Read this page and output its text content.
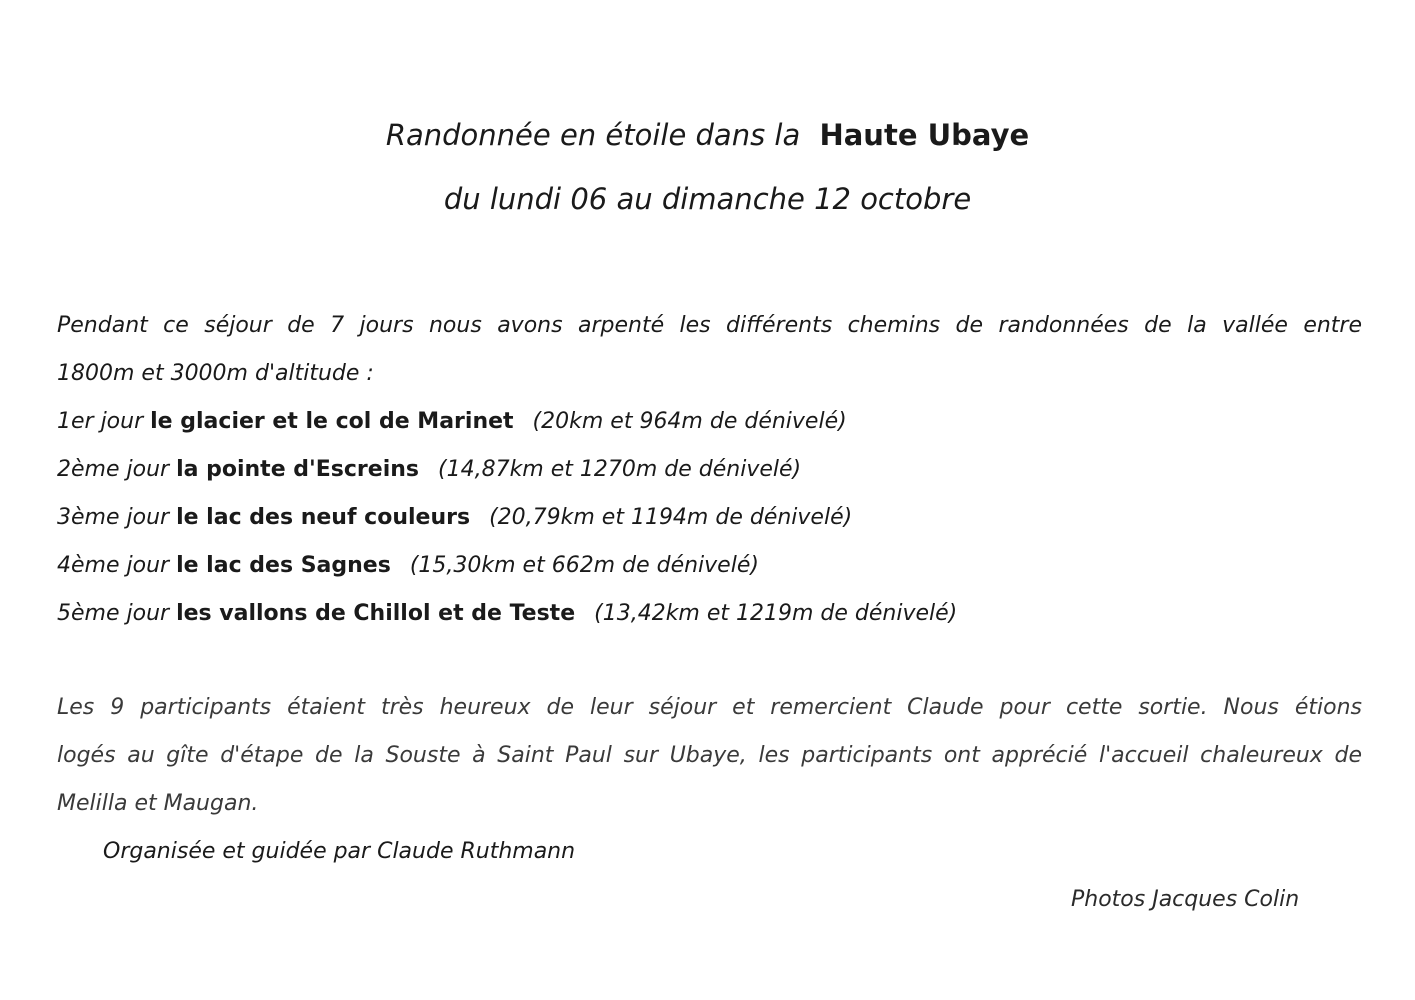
Randonnée en étoile dans la Haute Ubaye
du lundi 06 au dimanche 12 octobre
Pendant ce séjour de 7 jours nous avons arpenté les différents chemins de randonnées de la vallée entre
1800m et 3000m d'altitude :
1er jour le glacier et le col de Marinet (20km et 964m de dénivelé)
2ème jour la pointe d'Escreins (14,87km et 1270m de dénivelé)
3ème jour le lac des neuf couleurs (20,79km et 1194m de dénivelé)
4ème jour le lac des Sagnes (15,30km et 662m de dénivelé)
5ème jour les vallons de Chillol et de Teste (13,42km et 1219m de dénivelé)
Les 9 participants étaient très heureux de leur séjour et remercient Claude pour cette sortie. Nous étions
logés au gîte d'étape de la Souste à Saint Paul sur Ubaye, les participants ont apprécié l'accueil chaleureux de
Melilla et Maugan.
Organisée et guidée par Claude Ruthmann
Photos Jacques Colin
